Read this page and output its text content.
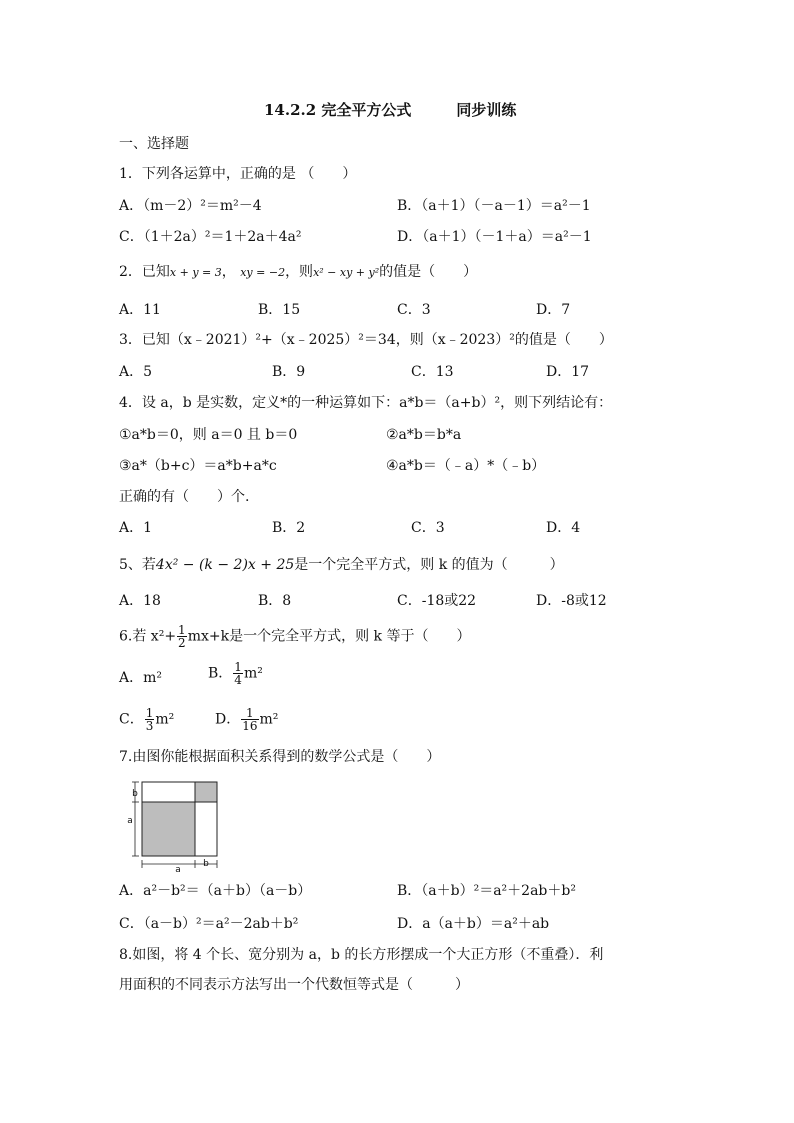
14.2.2 完全平方公式　　　同步训练
一、选择题
1．下列各运算中，正确的是 （　　）
A．（m－2）²＝m²－4	B．（a＋1）（－a－1）＝a²－1
C．（1＋2a）²＝1＋2a＋4a²	D．（a＋1）（－1＋a）＝a²－1
2．已知x + y = 3， xy = −2，则x² − xy + y²的值是（　　）
A．11	B．15	C．3	D．7
3．已知（x﹣2021）²+（x﹣2025）²＝34，则（x﹣2023）²的值是（　　）
A．5	B．9	C．13	D．17
4．设 a，b 是实数，定义*的一种运算如下：a*b＝（a+b）²，则下列结论有：
①a*b＝0，则 a＝0 且 b＝0	②a*b＝b*a
③a*（b+c）＝a*b+a*c	④a*b＝（﹣a）*（﹣b）
正确的有（　　）个.
A．1	B．2	C．3	D．4
5、若4x² − (k − 2)x + 25是一个完全平方式，则 k 的值为（　　　）
A．18	B．8	C．-18或22	D．-8或12
6.若 $x^2+ \frac{1}{2} mx+k$是一个完全平方式，则 k 等于（　　）
A．m²	B． $\frac{1}{4} m^2$
C． $\frac{1}{3} m^2$	D． $\frac{1}{16} m^2$
7.由图你能根据面积关系得到的数学公式是（　　）
b
a
a
b
A．a²－b²＝（a＋b）（a－b）	B．（a＋b）²＝a²＋2ab＋b²
C．（a－b）²＝a²－2ab＋b²	D．a（a＋b）＝a²＋ab
8.如图，将 4 个长、宽分别为 a，b 的长方形摆成一个大正方形（不重叠）．利
用面积的不同表示方法写出一个代数恒等式是（　　　）
